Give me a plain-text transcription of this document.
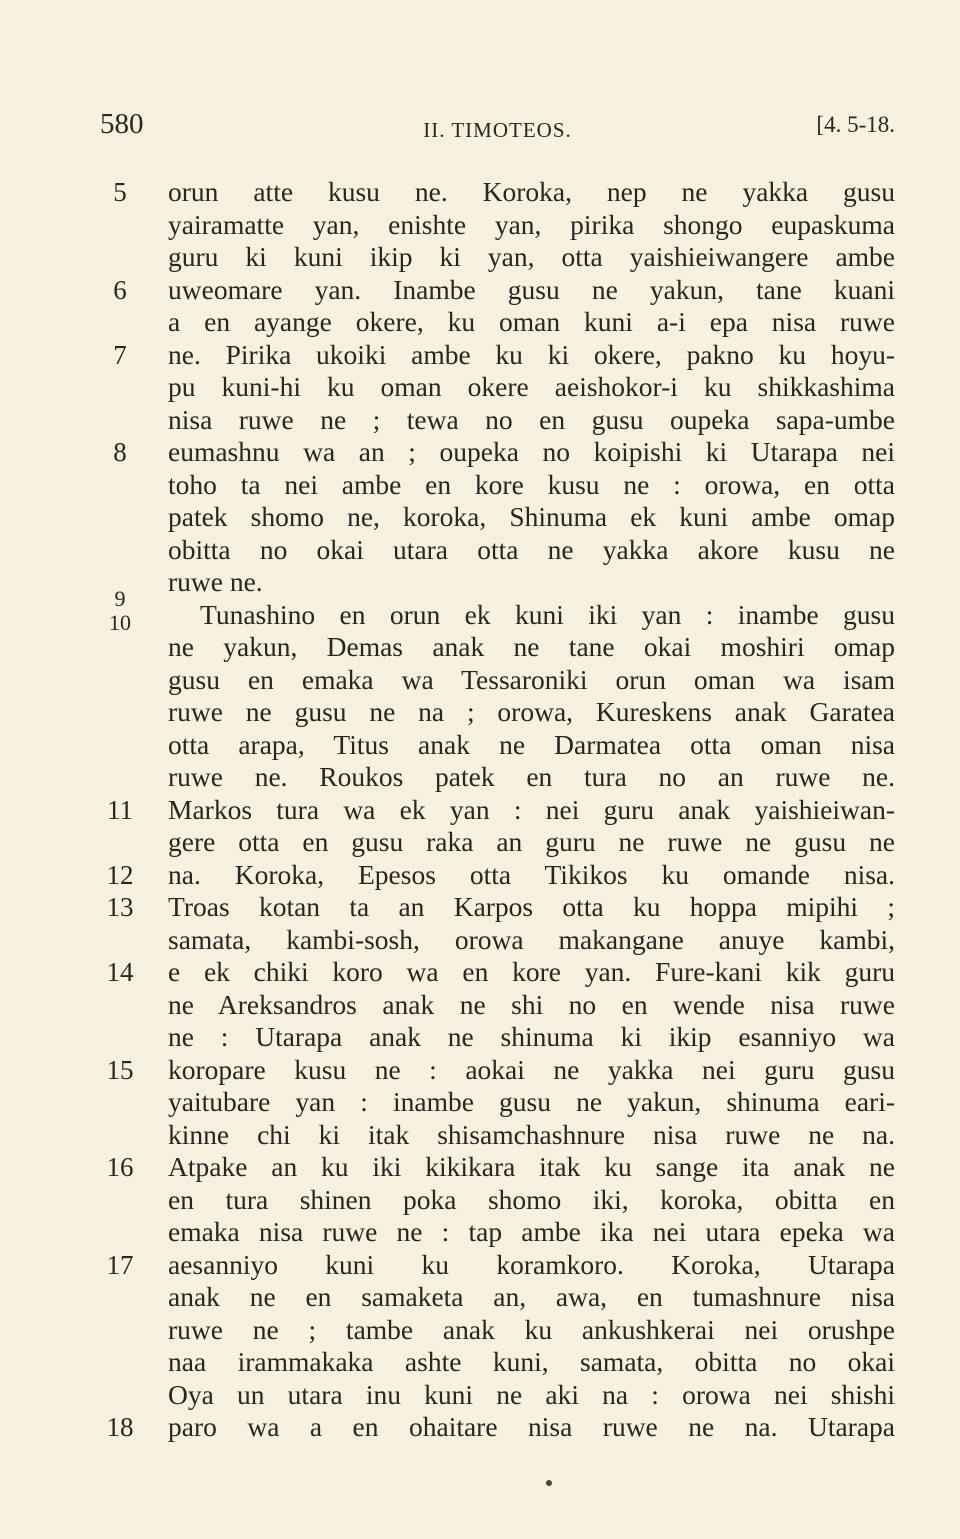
580	II. TIMOTEOS.	[4. 5-18.
5	orun atte kusu ne. Koroka, nep ne yakka gusu
yairamatte yan, enishte yan, pirika shongo eupaskuma
guru ki kuni ikip ki yan, otta yaishieiwangere ambe
6	uweomare yan. Inambe gusu ne yakun, tane kuani
a en ayange okere, ku oman kuni a-i epa nisa ruwe
7	ne. Pirika ukoiki ambe ku ki okere, pakno ku hoyu-
pu kuni-hi ku oman okere aeishokor-i ku shikkashima
nisa ruwe ne ; tewa no en gusu oupeka sapa-umbe
8	eumashnu wa an ; oupeka no koipishi ki Utarapa nei
toho ta nei ambe en kore kusu ne : orowa, en otta
patek shomo ne, koroka, Shinuma ek kuni ambe omap
obitta no okai utara otta ne yakka akore kusu ne
ruwe ne.
9
10	Tunashino en orun ek kuni iki yan : inambe gusu
ne yakun, Demas anak ne tane okai moshiri omap
gusu en emaka wa Tessaroniki orun oman wa isam
ruwe ne gusu ne na ; orowa, Kureskens anak Garatea
otta arapa, Titus anak ne Darmatea otta oman nisa
ruwe ne. Roukos patek en tura no an ruwe ne.
11 Markos tura wa ek yan : nei guru anak yaishieiwan-
gere otta en gusu raka an guru ne ruwe ne gusu ne
12 na. Koroka, Epesos otta Tikikos ku omande nisa.
13 Troas kotan ta an Karpos otta ku hoppa mipihi ;
samata, kambi-sosh, orowa makangane anuye kambi,
14 e ek chiki koro wa en kore yan. Fure-kani kik guru
ne Areksandros anak ne shi no en wende nisa ruwe
ne : Utarapa anak ne shinuma ki ikip esanniyo wa
15 koropare kusu ne : aokai ne yakka nei guru gusu
yaitubare yan : inambe gusu ne yakun, shinuma eari-
kinne chi ki itak shisamchashnure nisa ruwe ne na.
16 Atpake an ku iki kikikara itak ku sange ita anak ne
en tura shinen poka shomo iki, koroka, obitta en
emaka nisa ruwe ne : tap ambe ika nei utara epeka wa
17 aesanniyo kuni ku koramkoro. Koroka, Utarapa
anak ne en samaketa an, awa, en tumashnure nisa
ruwe ne ; tambe anak ku ankushkerai nei orushpe
naa irammakaka ashte kuni, samata, obitta no okai
Oya un utara inu kuni ne aki na : orowa nei shishi
18 paro wa a en ohaitare nisa ruwe ne na. Utarapa
